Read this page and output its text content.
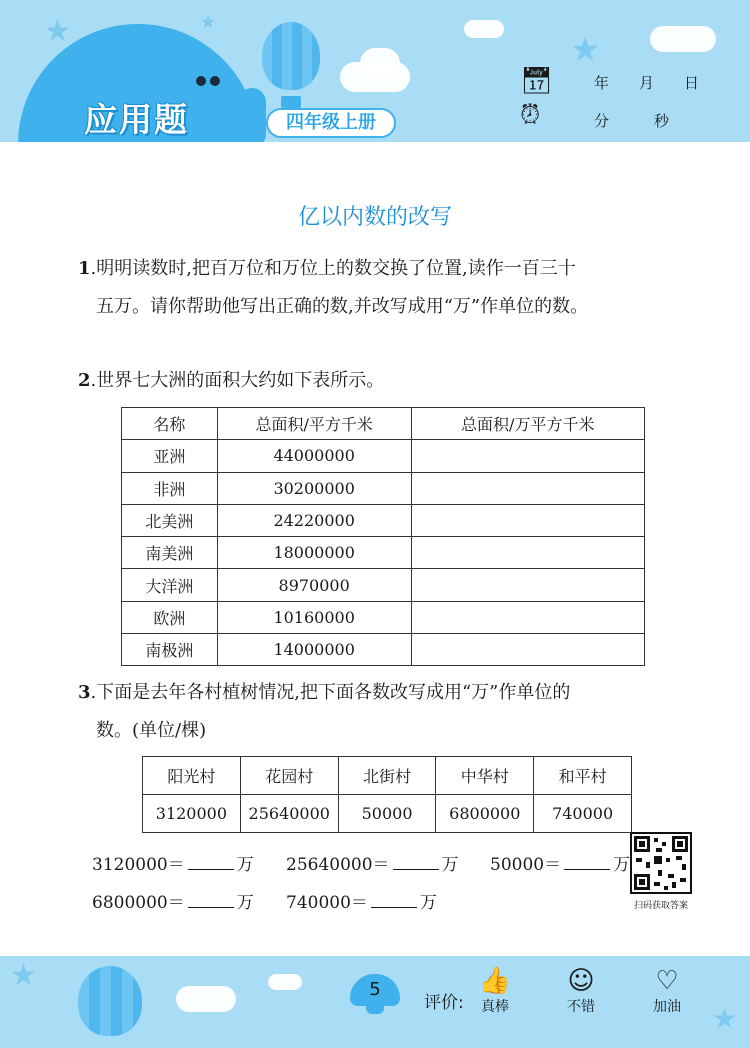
★	★
★
应用题	四年级上册
📅︎	年　　月　　日
⏰︎	分　　　秒
亿以内数的改写
1.明明读数时,把百万位和万位上的数交换了位置,读作一百三十
五万。请你帮助他写出正确的数,并改写成用“万”作单位的数。
2.世界七大洲的面积大约如下表所示。
名称	总面积/平方千米	总面积/万平方千米
亚洲	44000000	
非洲	30200000	
北美洲	24220000	
南美洲	18000000	
大洋洲	8970000	
欧洲	10160000	
南极洲	14000000	
3.下面是去年各村植树情况,把下面各数改写成用“万”作单位的
数。(单位/棵)
阳光村	花园村	北街村	中华村	和平村
3120000	25640000	50000	6800000	740000
3120000＝	万 25640000＝	万 50000＝	万
6800000＝	万 740000＝	万	扫码获取答案
★
★
5
评价:
👍
真棒
☺
不错
♡
加油
